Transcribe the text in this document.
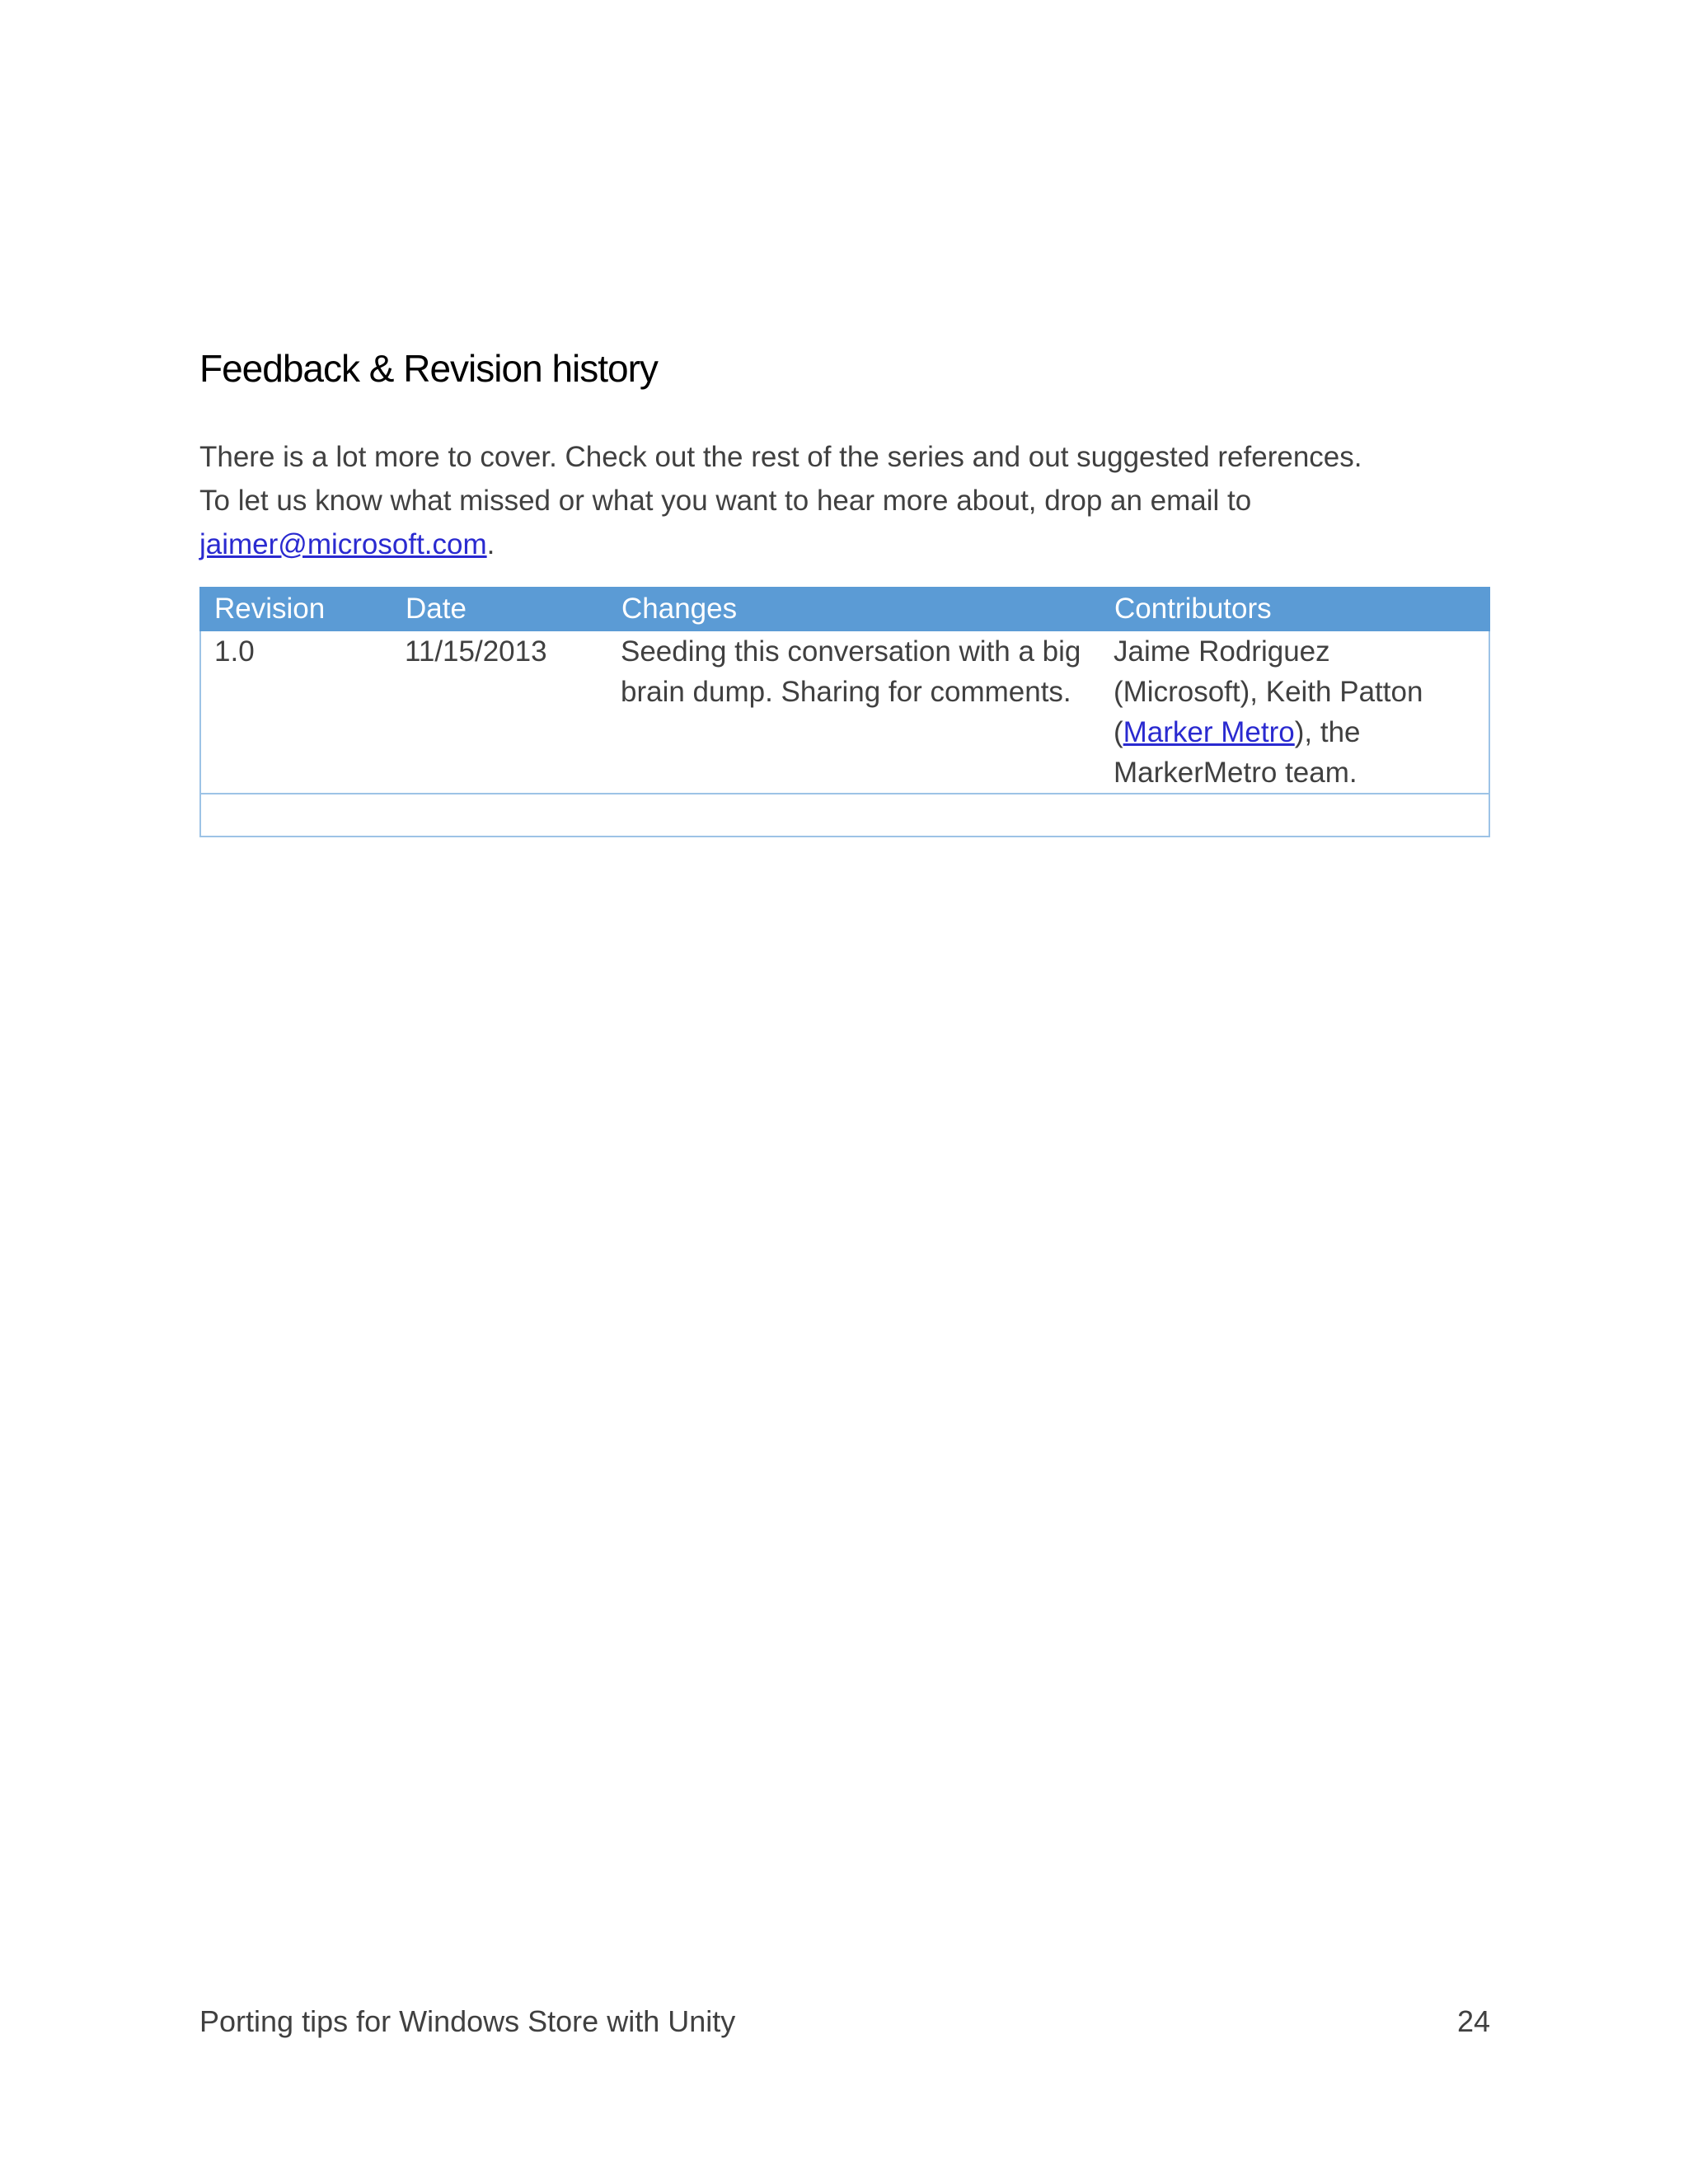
Feedback & Revision history

There is a lot more to cover. Check out the rest of the series and out suggested references.
To let us know what missed or what you want to hear more about, drop an email to
jaimer@microsoft.com.

Revision	Date	Changes	Contributors
1.0	11/15/2013	Seeding this conversation with a big brain dump. Sharing for comments.	Jaime Rodriguez (Microsoft), Keith Patton (Marker Metro), the MarkerMetro team.

Porting tips for Windows Store with Unity	24
